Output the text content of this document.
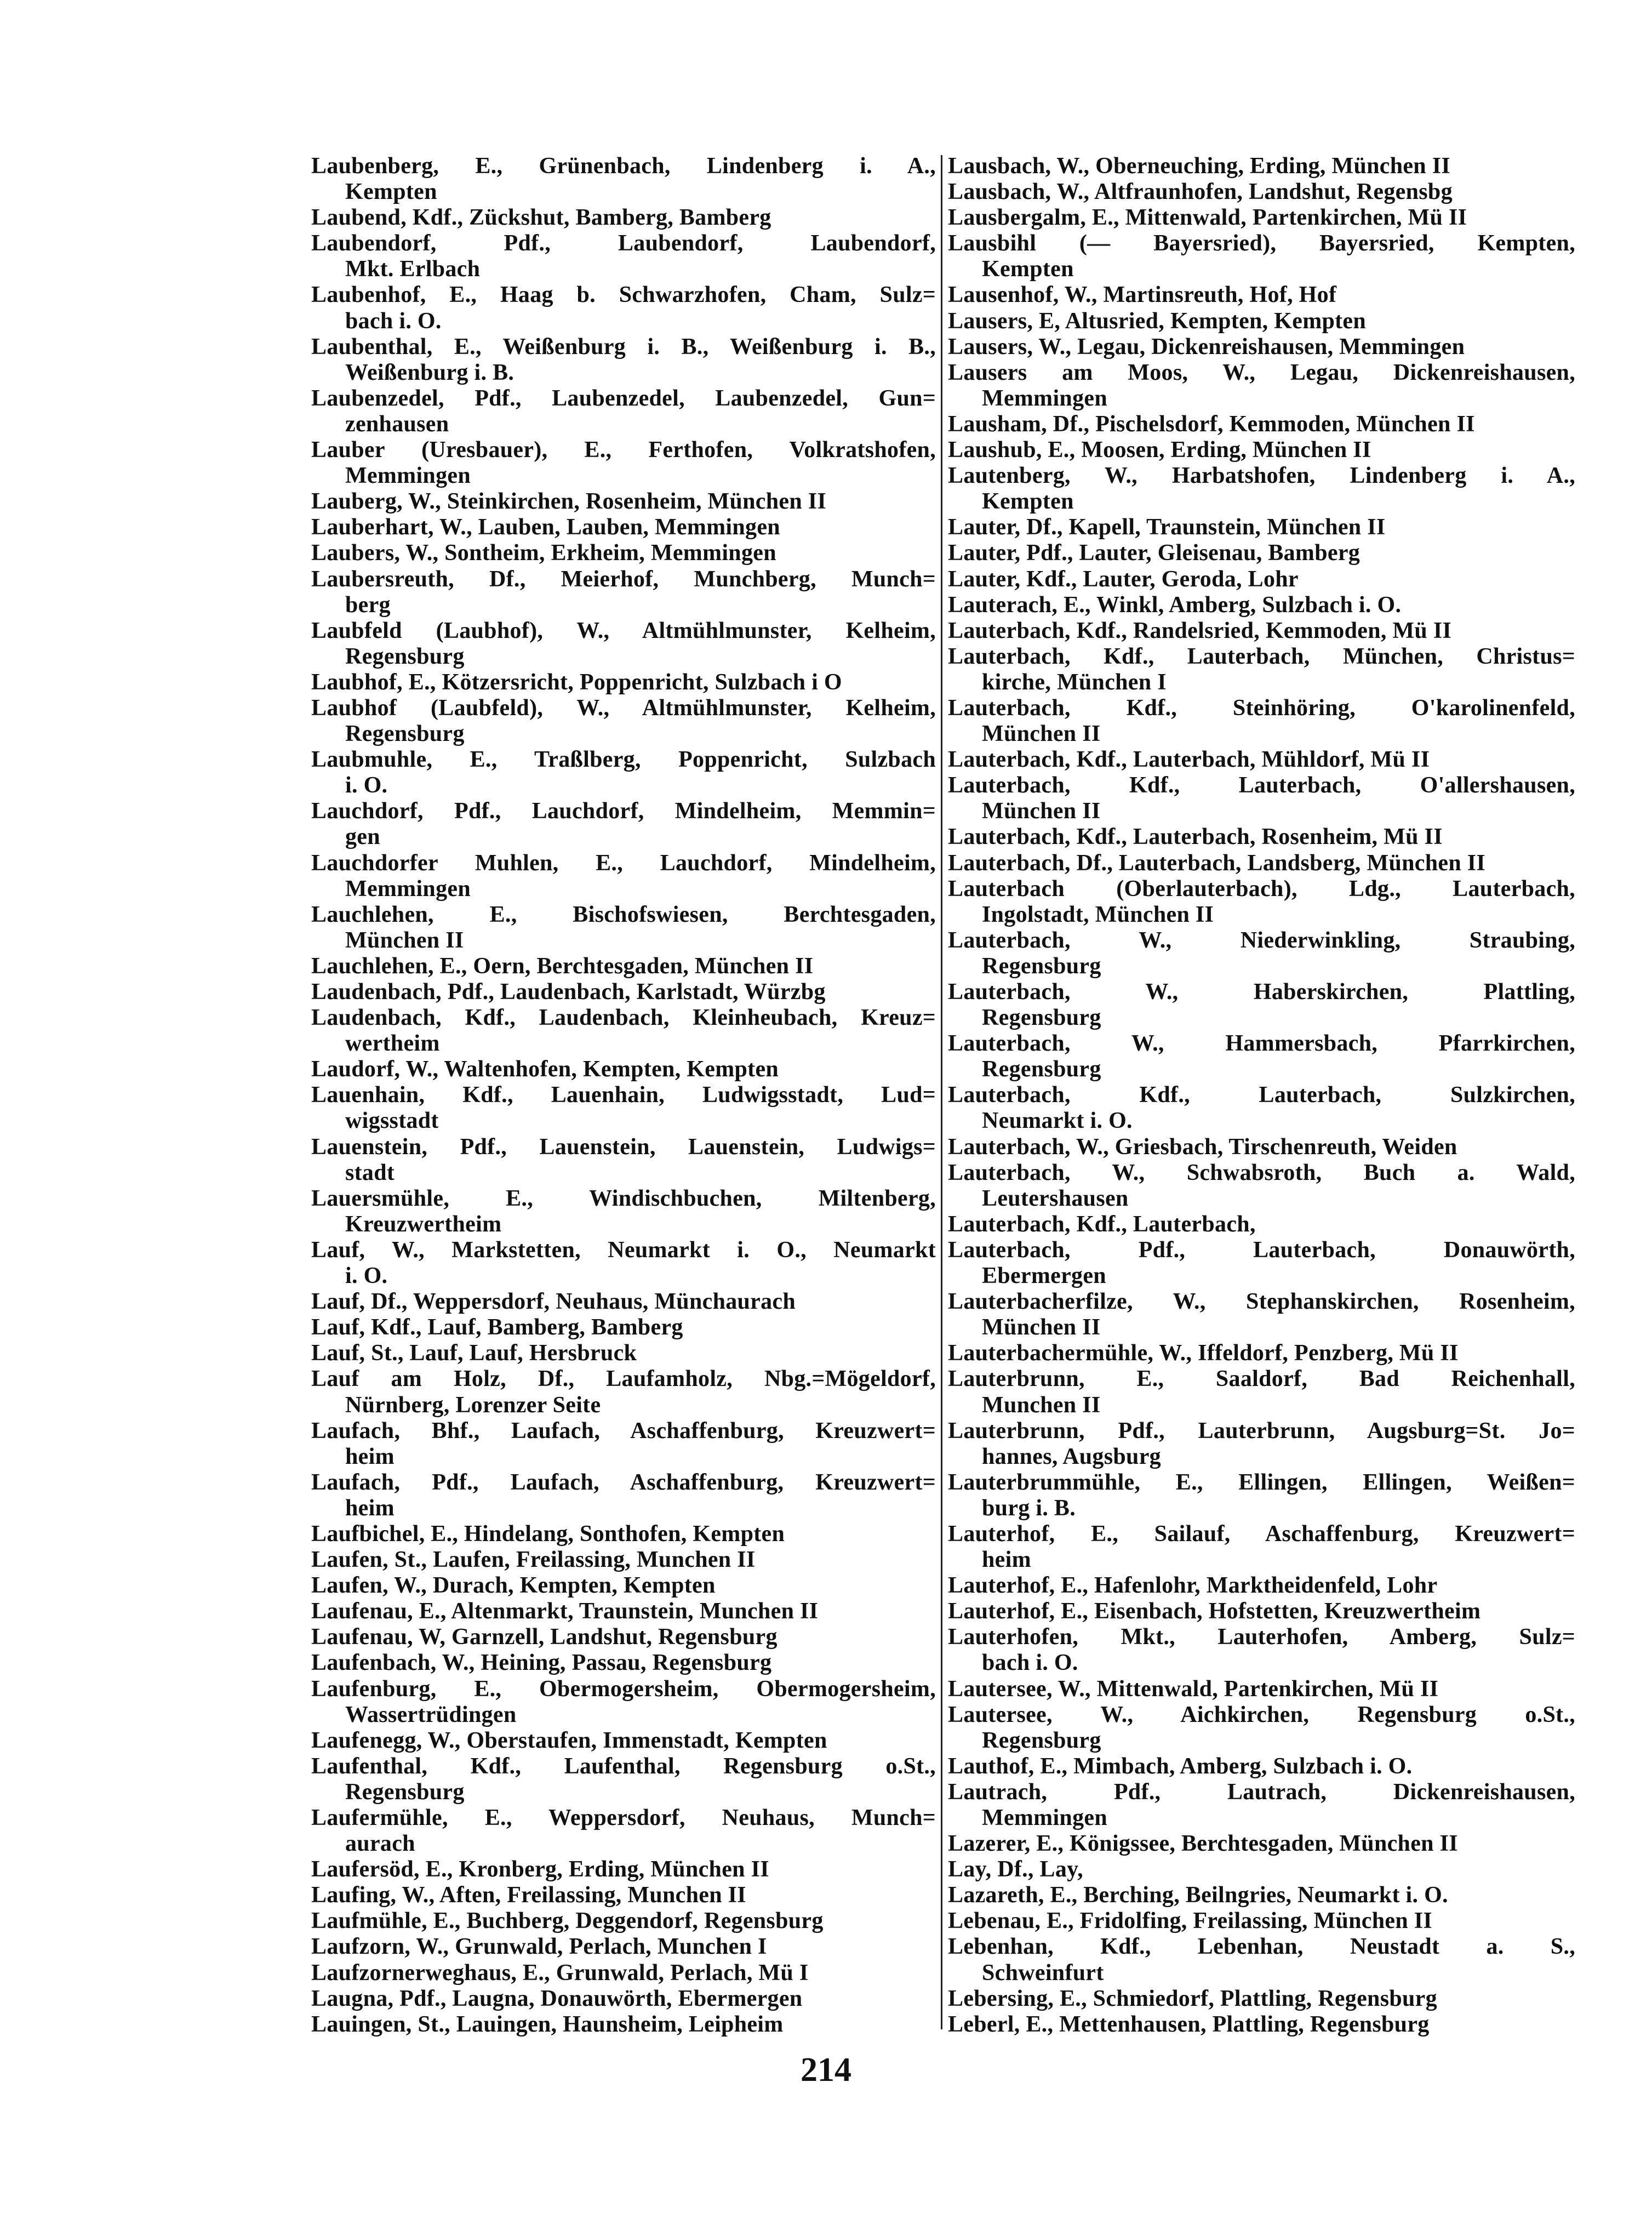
Laubenberg, E., Grünenbach, Lindenberg i. A.,
Kempten
Laubend, Kdf., Zückshut, Bamberg, Bamberg
Laubendorf, Pdf., Laubendorf, Laubendorf,
Mkt. Erlbach
Laubenhof, E., Haag b. Schwarzhofen, Cham, Sulz=
bach i. O.
Laubenthal, E., Weißenburg i. B., Weißenburg i. B.,
Weißenburg i. B.
Laubenzedel, Pdf., Laubenzedel, Laubenzedel, Gun=
zenhausen
Lauber (Uresbauer), E., Ferthofen, Volkratshofen,
Memmingen
Lauberg, W., Steinkirchen, Rosenheim, München II
Lauberhart, W., Lauben, Lauben, Memmingen
Laubers, W., Sontheim, Erkheim, Memmingen
Laubersreuth, Df., Meierhof, Munchberg, Munch=
berg
Laubfeld (Laubhof), W., Altmühlmunster, Kelheim,
Regensburg
Laubhof, E., Kötzersricht, Poppenricht, Sulzbach i O
Laubhof (Laubfeld), W., Altmühlmunster, Kelheim,
Regensburg
Laubmuhle, E., Traßlberg, Poppenricht, Sulzbach
i. O.
Lauchdorf, Pdf., Lauchdorf, Mindelheim, Memmin=
gen
Lauchdorfer Muhlen, E., Lauchdorf, Mindelheim,
Memmingen
Lauchlehen, E., Bischofswiesen, Berchtesgaden,
München II
Lauchlehen, E., Oern, Berchtesgaden, München II
Laudenbach, Pdf., Laudenbach, Karlstadt, Würzbg
Laudenbach, Kdf., Laudenbach, Kleinheubach, Kreuz=
wertheim
Laudorf, W., Waltenhofen, Kempten, Kempten
Lauenhain, Kdf., Lauenhain, Ludwigsstadt, Lud=
wigsstadt
Lauenstein, Pdf., Lauenstein, Lauenstein, Ludwigs=
stadt
Lauersmühle, E., Windischbuchen, Miltenberg,
Kreuzwertheim
Lauf, W., Markstetten, Neumarkt i. O., Neumarkt
i. O.
Lauf, Df., Weppersdorf, Neuhaus, Münchaurach
Lauf, Kdf., Lauf, Bamberg, Bamberg
Lauf, St., Lauf, Lauf, Hersbruck
Lauf am Holz, Df., Laufamholz, Nbg.=Mögeldorf,
Nürnberg, Lorenzer Seite
Laufach, Bhf., Laufach, Aschaffenburg, Kreuzwert=
heim
Laufach, Pdf., Laufach, Aschaffenburg, Kreuzwert=
heim
Laufbichel, E., Hindelang, Sonthofen, Kempten
Laufen, St., Laufen, Freilassing, Munchen II
Laufen, W., Durach, Kempten, Kempten
Laufenau, E., Altenmarkt, Traunstein, Munchen II
Laufenau, W, Garnzell, Landshut, Regensburg
Laufenbach, W., Heining, Passau, Regensburg
Laufenburg, E., Obermogersheim, Obermogersheim,
Wassertrüdingen
Laufenegg, W., Oberstaufen, Immenstadt, Kempten
Laufenthal, Kdf., Laufenthal, Regensburg o.St.,
Regensburg
Laufermühle, E., Weppersdorf, Neuhaus, Munch=
aurach
Laufersöd, E., Kronberg, Erding, München II
Laufing, W., Aften, Freilassing, Munchen II
Laufmühle, E., Buchberg, Deggendorf, Regensburg
Laufzorn, W., Grunwald, Perlach, Munchen I
Laufzornerweghaus, E., Grunwald, Perlach, Mü I
Laugna, Pdf., Laugna, Donauwörth, Ebermergen
Lauingen, St., Lauingen, Haunsheim, Leipheim
Lausbach, W., Oberneuching, Erding, München II
Lausbach, W., Altfraunhofen, Landshut, Regensbg
Lausbergalm, E., Mittenwald, Partenkirchen, Mü II
Lausbihl (— Bayersried), Bayersried, Kempten,
Kempten
Lausenhof, W., Martinsreuth, Hof, Hof
Lausers, E, Altusried, Kempten, Kempten
Lausers, W., Legau, Dickenreishausen, Memmingen
Lausers am Moos, W., Legau, Dickenreishausen,
Memmingen
Lausham, Df., Pischelsdorf, Kemmoden, München II
Laushub, E., Moosen, Erding, München II
Lautenberg, W., Harbatshofen, Lindenberg i. A.,
Kempten
Lauter, Df., Kapell, Traunstein, München II
Lauter, Pdf., Lauter, Gleisenau, Bamberg
Lauter, Kdf., Lauter, Geroda, Lohr
Lauterach, E., Winkl, Amberg, Sulzbach i. O.
Lauterbach, Kdf., Randelsried, Kemmoden, Mü II
Lauterbach, Kdf., Lauterbach, München, Christus=
kirche, München I
Lauterbach, Kdf., Steinhöring, O'karolinenfeld,
München II
Lauterbach, Kdf., Lauterbach, Mühldorf, Mü II
Lauterbach, Kdf., Lauterbach, O'allershausen,
München II
Lauterbach, Kdf., Lauterbach, Rosenheim, Mü II
Lauterbach, Df., Lauterbach, Landsberg, München II
Lauterbach (Oberlauterbach), Ldg., Lauterbach,
Ingolstadt, München II
Lauterbach, W., Niederwinkling, Straubing,
Regensburg
Lauterbach, W., Haberskirchen, Plattling,
Regensburg
Lauterbach, W., Hammersbach, Pfarrkirchen,
Regensburg
Lauterbach, Kdf., Lauterbach, Sulzkirchen,
Neumarkt i. O.
Lauterbach, W., Griesbach, Tirschenreuth, Weiden
Lauterbach, W., Schwabsroth, Buch a. Wald,
Leutershausen
Lauterbach, Kdf., Lauterbach,
Lauterbach, Pdf., Lauterbach, Donauwörth,
Ebermergen
Lauterbacherfilze, W., Stephanskirchen, Rosenheim,
München II
Lauterbachermühle, W., Iffeldorf, Penzberg, Mü II
Lauterbrunn, E., Saaldorf, Bad Reichenhall,
Munchen II
Lauterbrunn, Pdf., Lauterbrunn, Augsburg=St. Jo=
hannes, Augsburg
Lauterbrummühle, E., Ellingen, Ellingen, Weißen=
burg i. B.
Lauterhof, E., Sailauf, Aschaffenburg, Kreuzwert=
heim
Lauterhof, E., Hafenlohr, Marktheidenfeld, Lohr
Lauterhof, E., Eisenbach, Hofstetten, Kreuzwertheim
Lauterhofen, Mkt., Lauterhofen, Amberg, Sulz=
bach i. O.
Lautersee, W., Mittenwald, Partenkirchen, Mü II
Lautersee, W., Aichkirchen, Regensburg o.St.,
Regensburg
Lauthof, E., Mimbach, Amberg, Sulzbach i. O.
Lautrach, Pdf., Lautrach, Dickenreishausen,
Memmingen
Lazerer, E., Königssee, Berchtesgaden, München II
Lay, Df., Lay,
Lazareth, E., Berching, Beilngries, Neumarkt i. O.
Lebenau, E., Fridolfing, Freilassing, München II
Lebenhan, Kdf., Lebenhan, Neustadt a. S.,
Schweinfurt
Lebersing, E., Schmiedorf, Plattling, Regensburg
Leberl, E., Mettenhausen, Plattling, Regensburg
214
